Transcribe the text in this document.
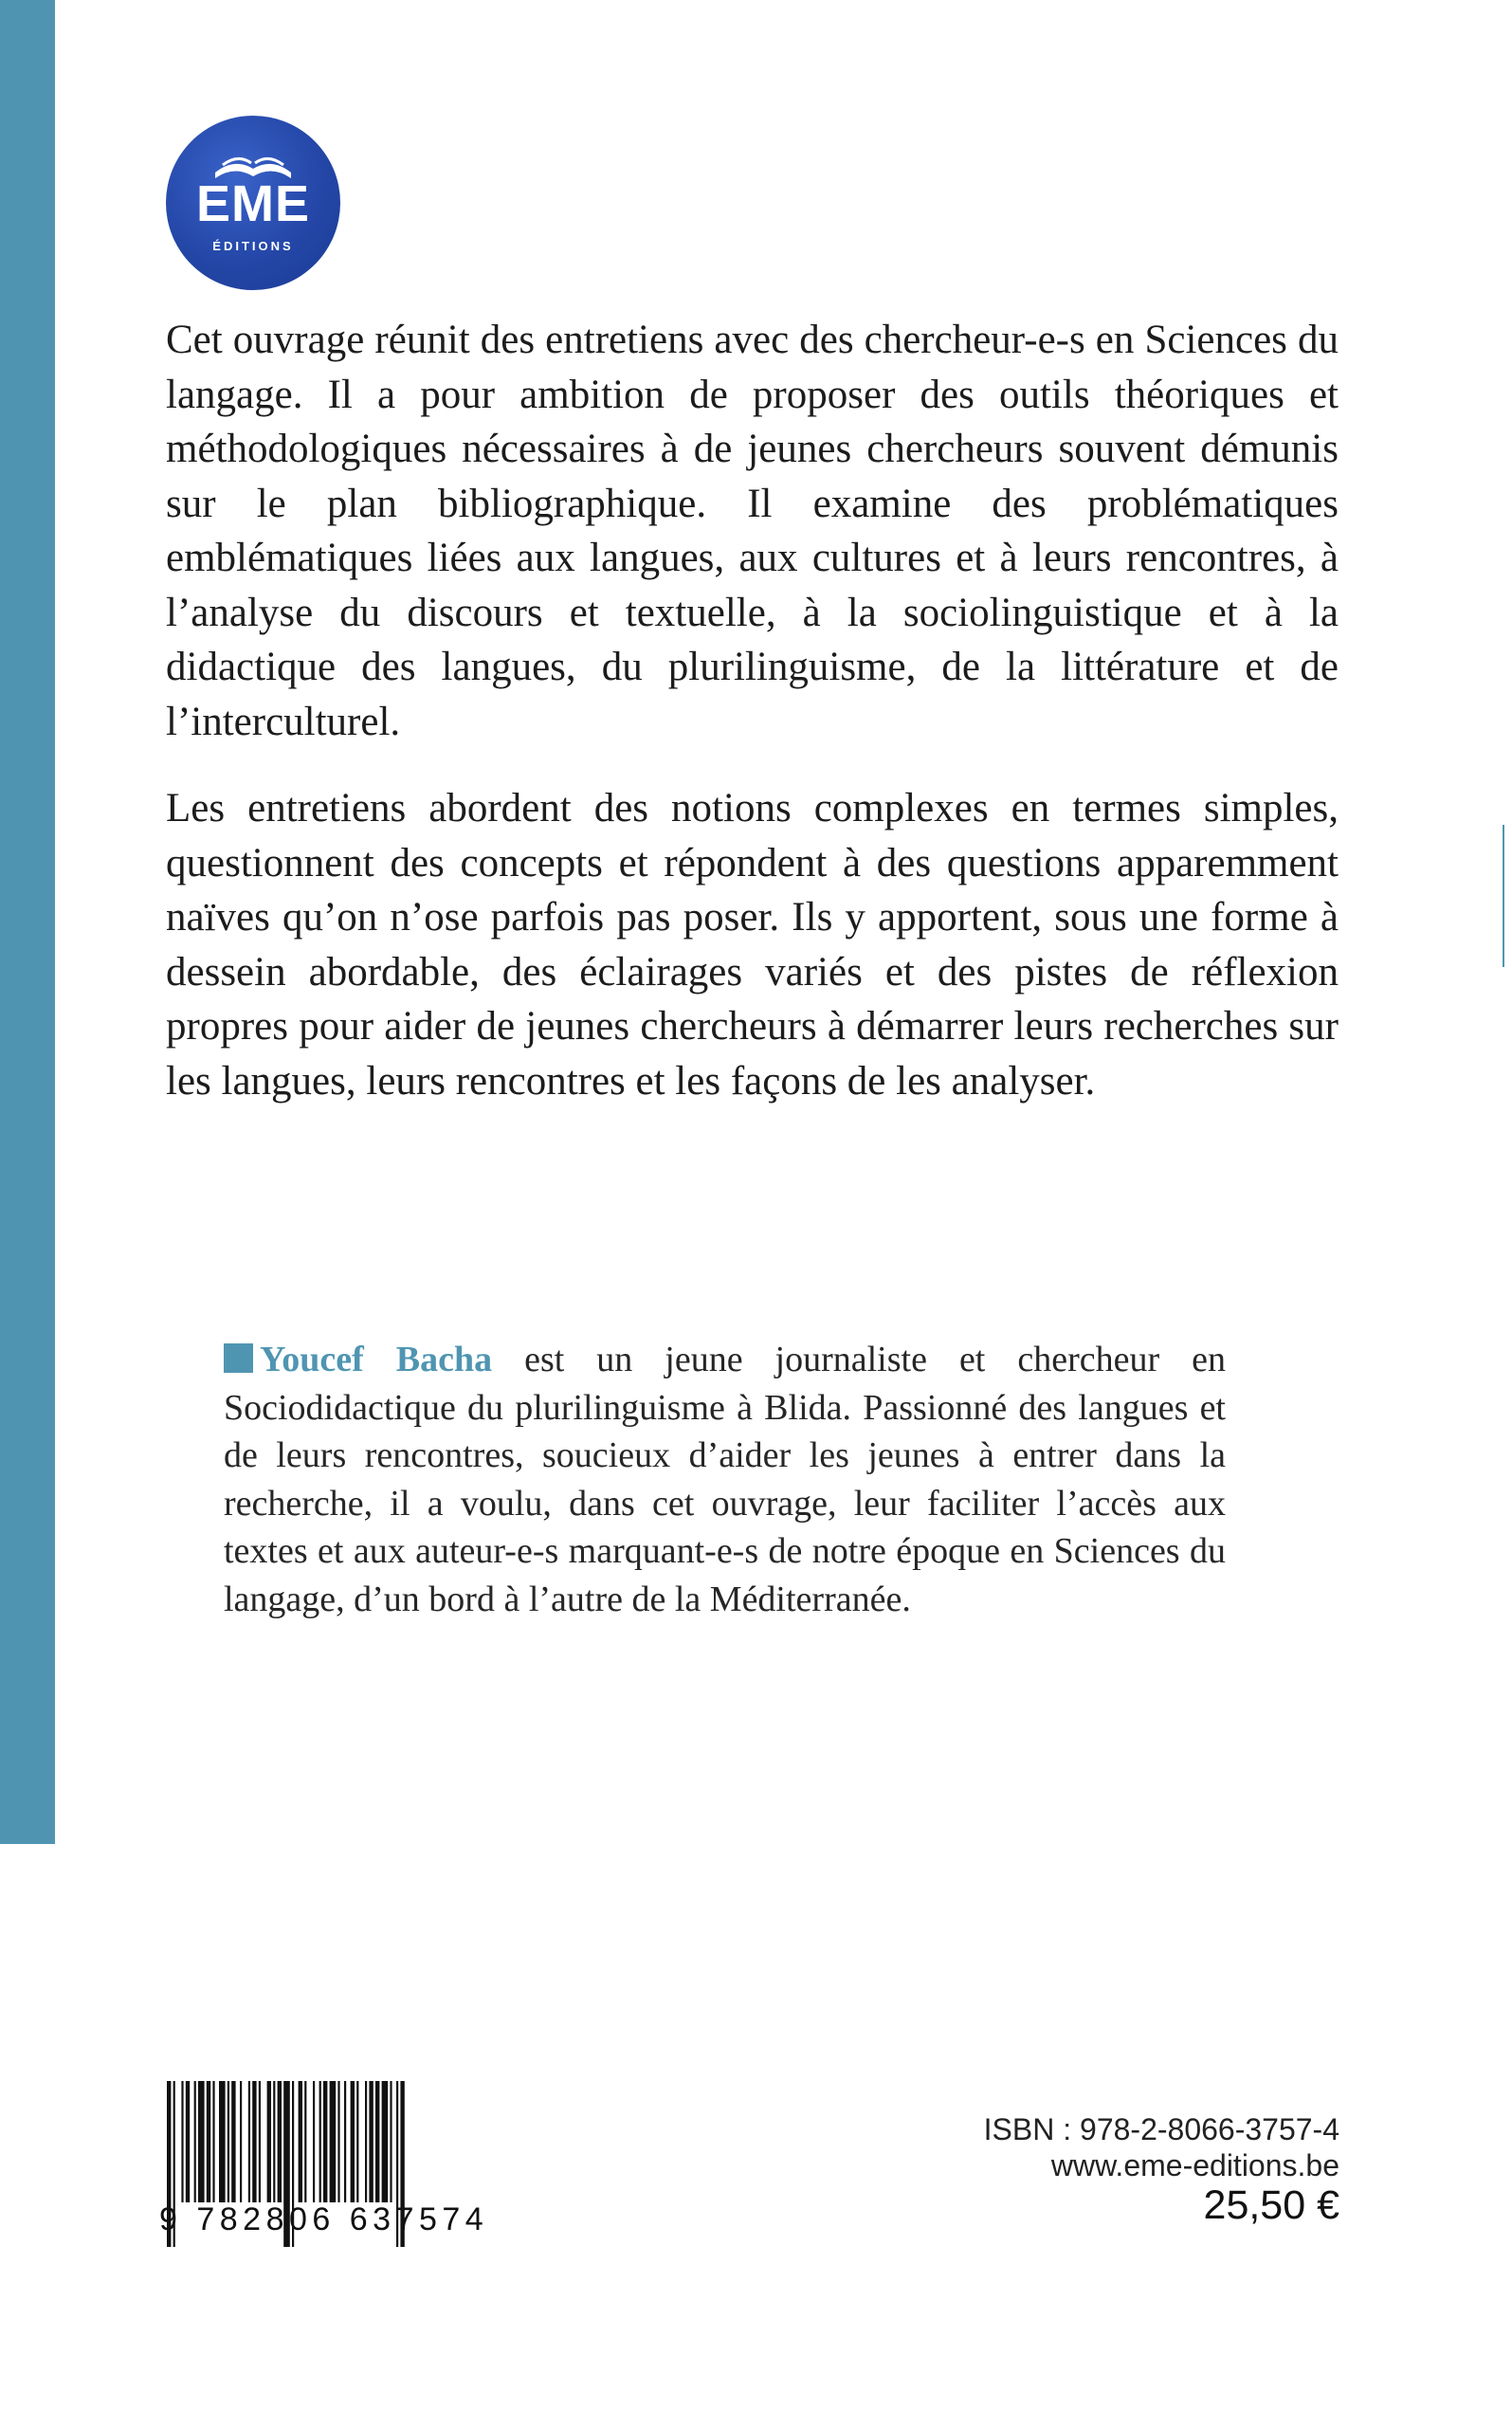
EME
ÉDITIONS

Cet ouvrage réunit des entretiens avec des chercheur-e-s en Sciences du langage. Il a pour ambition de proposer des outils théoriques et méthodologiques nécessaires à de jeunes chercheurs souvent démunis sur le plan bibliographique. Il examine des problématiques emblématiques liées aux langues, aux cultures et à leurs rencontres, à l’analyse du discours et textuelle, à la sociolinguistique et à la didactique des langues, du plurilinguisme, de la littérature et de l’interculturel.

Les entretiens abordent des notions complexes en termes simples, questionnent des concepts et répondent à des questions apparemment naïves qu’on n’ose parfois pas poser. Ils y apportent, sous une forme à dessein abordable, des éclairages variés et des pistes de réflexion propres pour aider de jeunes chercheurs à démarrer leurs recherches sur les langues, leurs rencontres et les façons de les analyser.

Youcef Bacha est un jeune journaliste et chercheur en Sociodidactique du plurilinguisme à Blida. Passionné des langues et de leurs rencontres, soucieux d’aider les jeunes à entrer dans la recherche, il a voulu, dans cet ouvrage, leur faciliter l’accès aux textes et aux auteur-e-s marquant-e-s de notre époque en Sciences du langage, d’un bord à l’autre de la Méditerranée.

9 782806 637574
ISBN : 978-2-8066-3757-4
www.eme-editions.be
25,50 €
